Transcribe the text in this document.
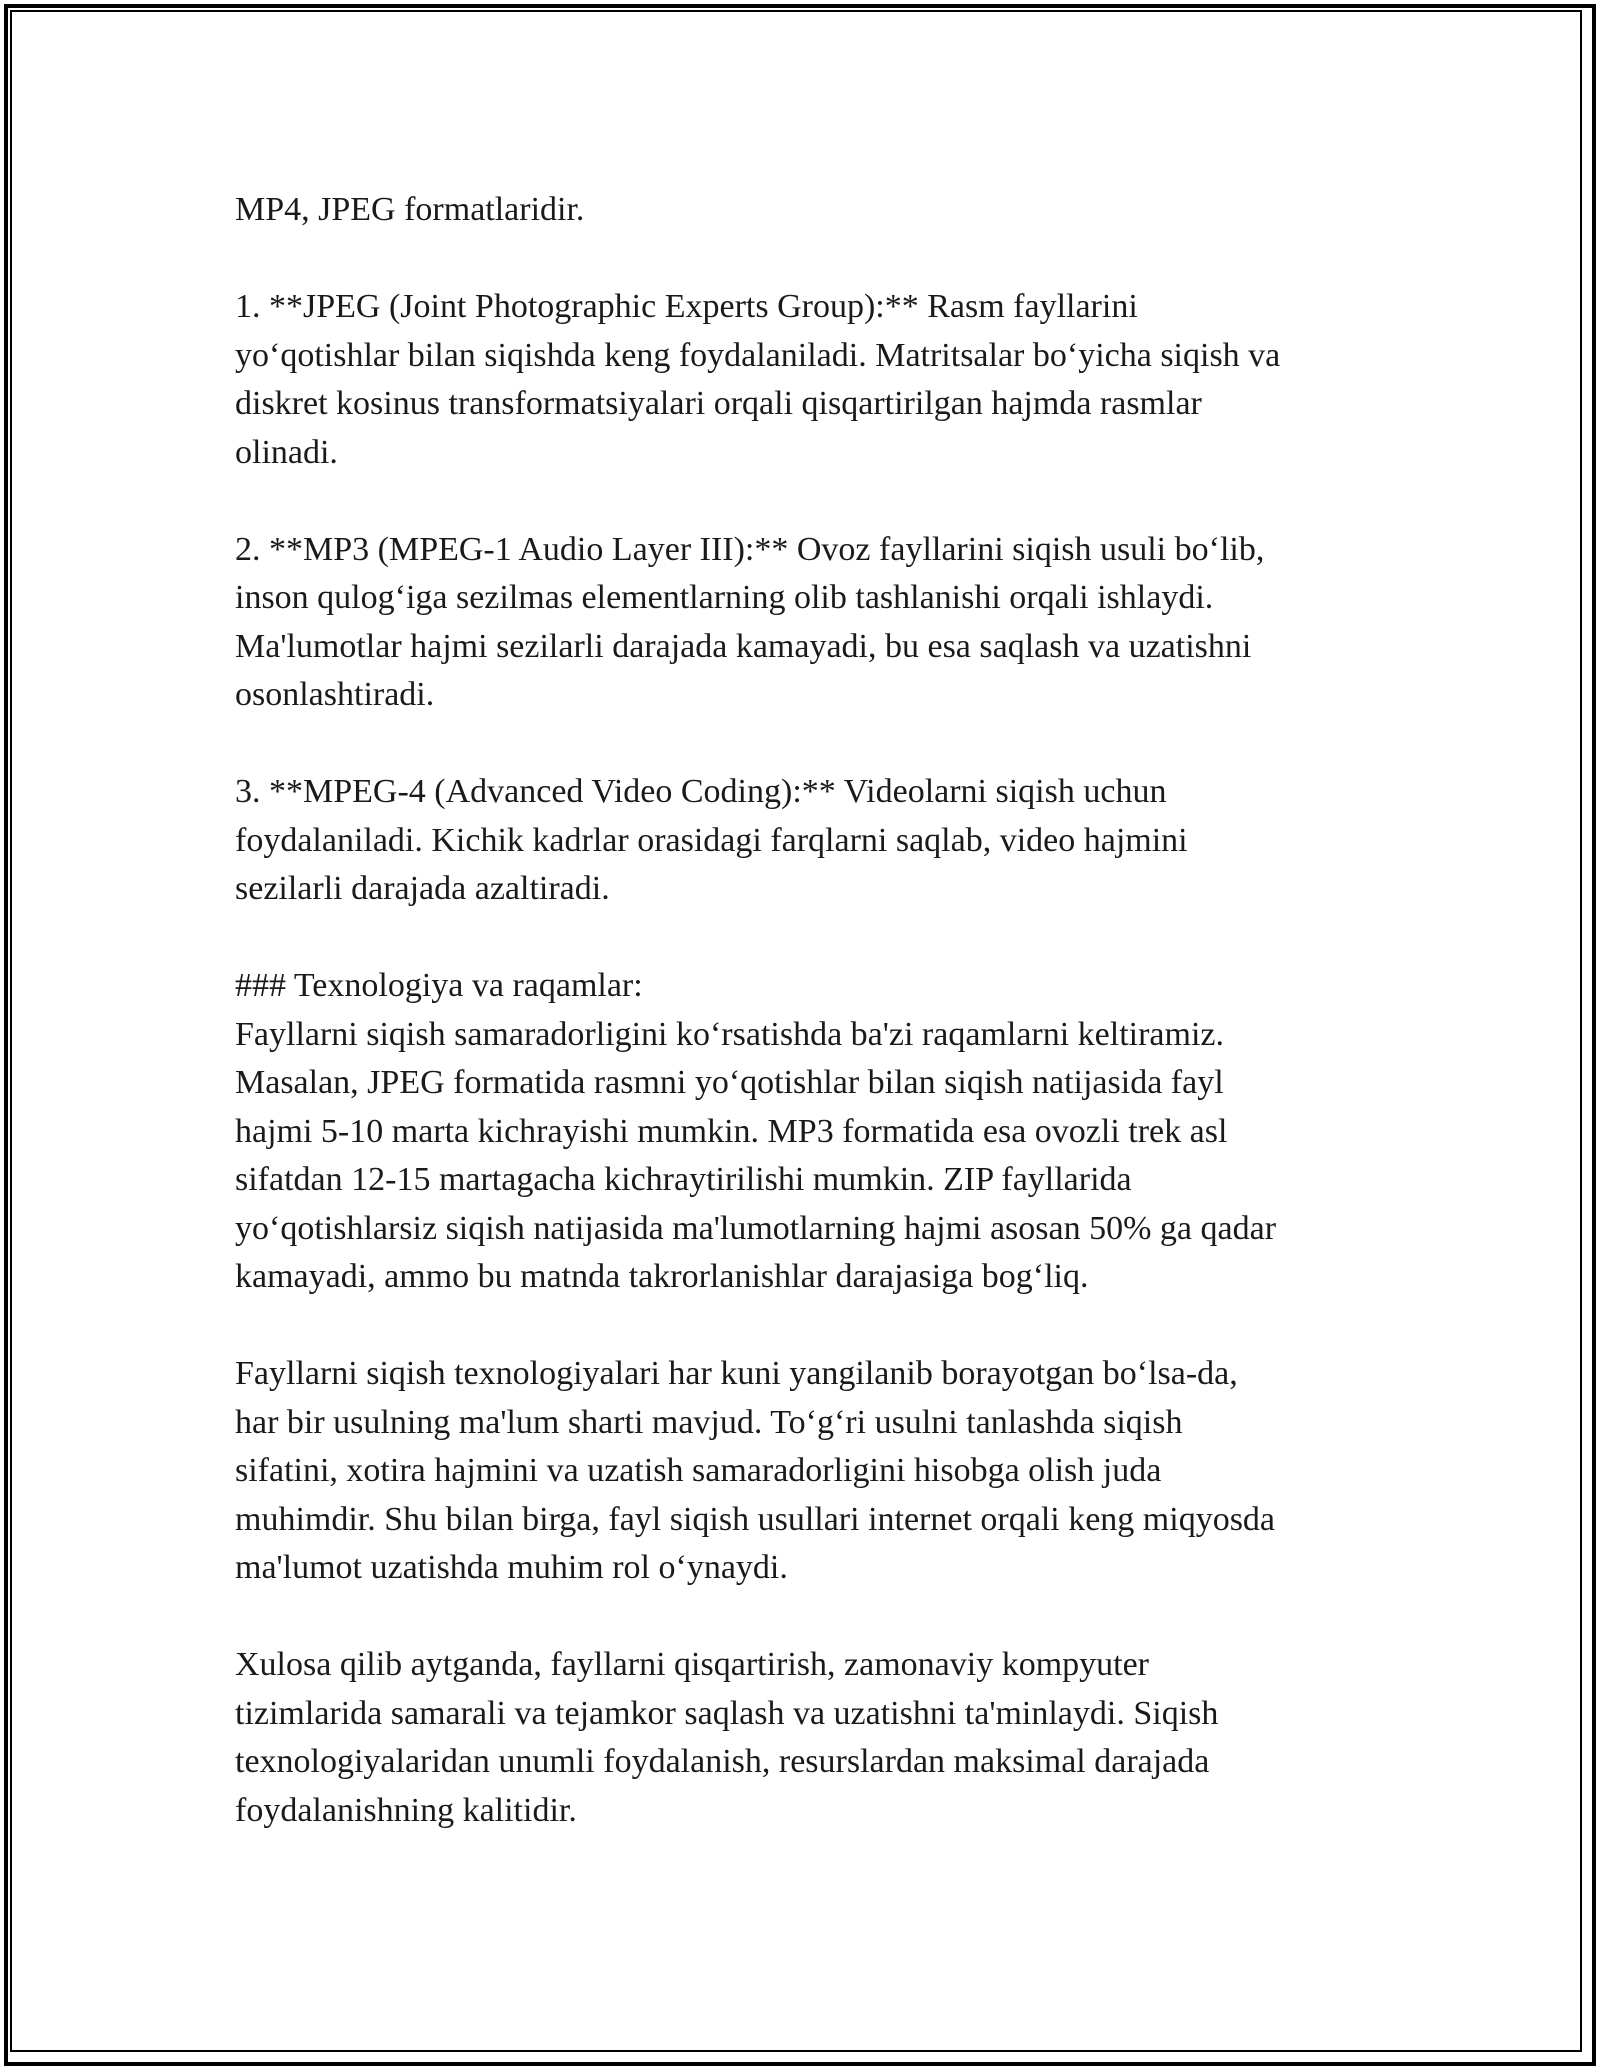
MP4, JPEG formatlaridir.

1. **JPEG (Joint Photographic Experts Group):** Rasm fayllarini
yo‘qotishlar bilan siqishda keng foydalaniladi. Matritsalar bo‘yicha siqish va
diskret kosinus transformatsiyalari orqali qisqartirilgan hajmda rasmlar
olinadi.

2. **MP3 (MPEG-1 Audio Layer III):** Ovoz fayllarini siqish usuli bo‘lib,
inson qulog‘iga sezilmas elementlarning olib tashlanishi orqali ishlaydi.
Ma'lumotlar hajmi sezilarli darajada kamayadi, bu esa saqlash va uzatishni
osonlashtiradi.

3. **MPEG-4 (Advanced Video Coding):** Videolarni siqish uchun
foydalaniladi. Kichik kadrlar orasidagi farqlarni saqlab, video hajmini
sezilarli darajada azaltiradi.

### Texnologiya va raqamlar:

Fayllarni siqish samaradorligini ko‘rsatishda ba'zi raqamlarni keltiramiz.
Masalan, JPEG formatida rasmni yo‘qotishlar bilan siqish natijasida fayl
hajmi 5-10 marta kichrayishi mumkin. MP3 formatida esa ovozli trek asl
sifatdan 12-15 martagacha kichraytirilishi mumkin. ZIP fayllarida
yo‘qotishlarsiz siqish natijasida ma'lumotlarning hajmi asosan 50% ga qadar
kamayadi, ammo bu matnda takrorlanishlar darajasiga bog‘liq.

Fayllarni siqish texnologiyalari har kuni yangilanib borayotgan bo‘lsa-da,
har bir usulning ma'lum sharti mavjud. To‘g‘ri usulni tanlashda siqish
sifatini, xotira hajmini va uzatish samaradorligini hisobga olish juda
muhimdir. Shu bilan birga, fayl siqish usullari internet orqali keng miqyosda
ma'lumot uzatishda muhim rol o‘ynaydi.

Xulosa qilib aytganda, fayllarni qisqartirish, zamonaviy kompyuter
tizimlarida samarali va tejamkor saqlash va uzatishni ta'minlaydi. Siqish
texnologiyalaridan unumli foydalanish, resurslardan maksimal darajada
foydalanishning kalitidir.
